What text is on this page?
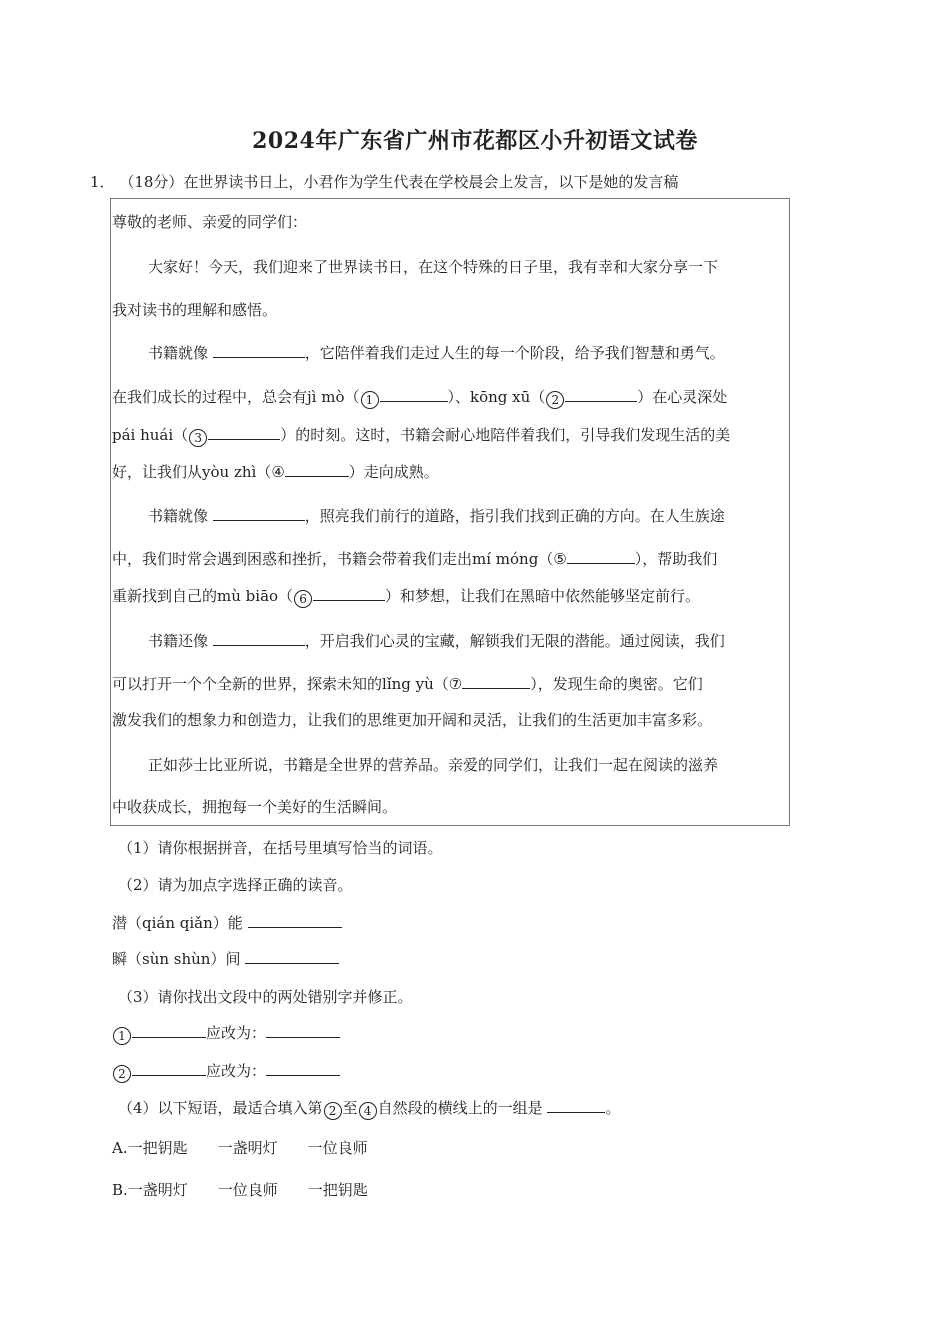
2024年广东省广州市花都区小升初语文试卷
1． （18分）在世界读书日上，小君作为学生代表在学校晨会上发言，以下是她的发言稿
尊敬的老师、亲爱的同学们：
大家好！今天，我们迎来了世界读书日，在这个特殊的日子里，我有幸和大家分享一下
我对读书的理解和感悟。
书籍就像	，它陪伴着我们走过人生的每一个阶段，给予我们智慧和勇气。
在我们成长的过程中，总会有jì mò（ 1	）、kōng xū（ 2	）在心灵深处
pái huái（ 3	）的时刻。这时，书籍会耐心地陪伴着我们，引导我们发现生活的美
好，让我们从yòu zhì（④	）走向成熟。
书籍就像	，照亮我们前行的道路，指引我们找到正确的方向。在人生族途
中，我们时常会遇到困惑和挫折，书籍会带着我们走出mí móng（⑤	），帮助我们
重新找到自己的mù biāo（ 6	）和梦想，让我们在黑暗中依然能够坚定前行。
书籍还像	，开启我们心灵的宝藏，解锁我们无限的潜能。通过阅读，我们
可以打开一个个全新的世界，探索未知的lǐng yù（⑦	），发现生命的奥密。它们
激发我们的想象力和创造力，让我们的思维更加开阔和灵活，让我们的生活更加丰富多彩。
正如莎士比亚所说，书籍是全世界的营养品。亲爱的同学们，让我们一起在阅读的滋养
中收获成长，拥抱每一个美好的生活瞬间。
（1）请你根据拼音，在括号里填写恰当的词语。
（2）请为加点字选择正确的读音。
潜（qián qiǎn）能
瞬（sùn shùn）间
（3）请你找出文段中的两处错别字并修正。
1	应改为：
2	应改为：
（4）以下短语，最适合填入第 2 至 4 自然段的横线上的一组是	。
A.一把钥匙　　一盏明灯　　一位良师
B.一盏明灯　　一位良师　　一把钥匙
